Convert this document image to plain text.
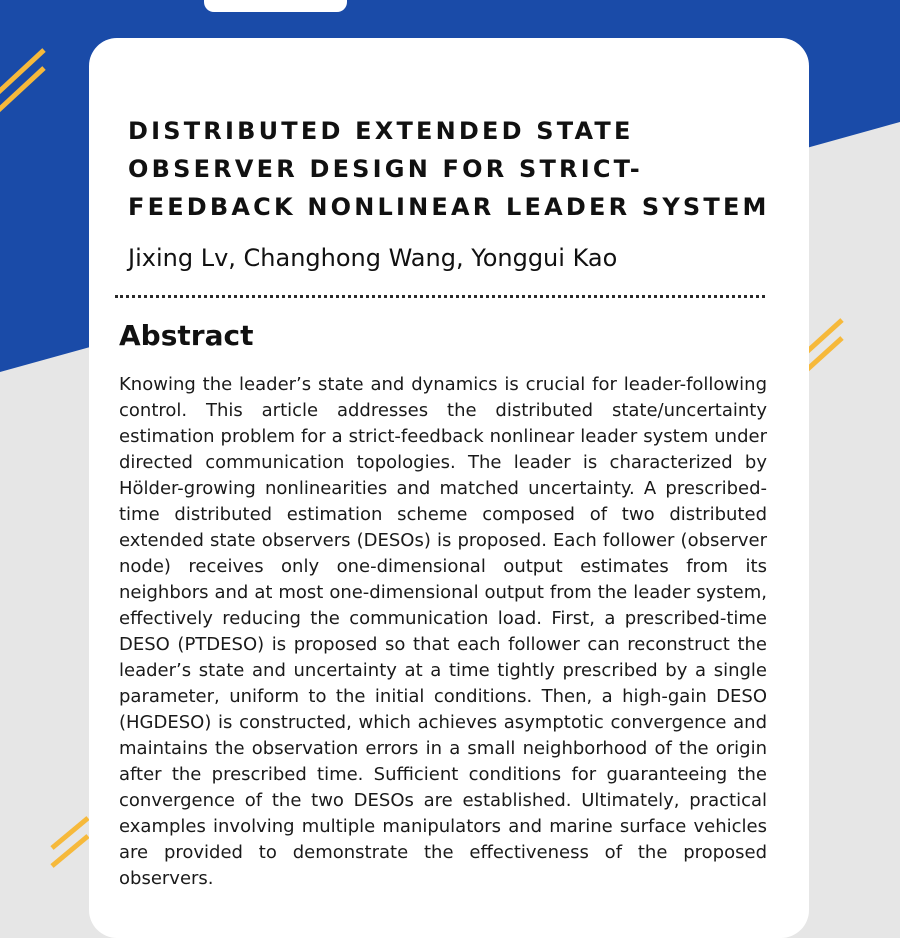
DISTRIBUTED EXTENDED STATE OBSERVER DESIGN FOR STRICT-FEEDBACK NONLINEAR LEADER SYSTEM

Jixing Lv, Changhong Wang, Yonggui Kao

Abstract

Knowing the leader’s state and dynamics is crucial for leader-following control. This article addresses the distributed state/uncertainty estimation problem for a strict-feedback nonlinear leader system under directed communication topologies. The leader is characterized by Hölder-growing nonlinearities and matched uncertainty. A prescribed-time distributed estimation scheme composed of two distributed extended state observers (DESOs) is proposed. Each follower (observer node) receives only one-dimensional output estimates from its neighbors and at most one-dimensional output from the leader system, effectively reducing the communication load. First, a prescribed-time DESO (PTDESO) is proposed so that each follower can reconstruct the leader’s state and uncertainty at a time tightly prescribed by a single parameter, uniform to the initial conditions. Then, a high-gain DESO (HGDESO) is constructed, which achieves asymptotic convergence and maintains the observation errors in a small neighborhood of the origin after the prescribed time. Sufficient conditions for guaranteeing the convergence of the two DESOs are established. Ultimately, practical examples involving multiple manipulators and marine surface vehicles are provided to demonstrate the effectiveness of the proposed observers.
